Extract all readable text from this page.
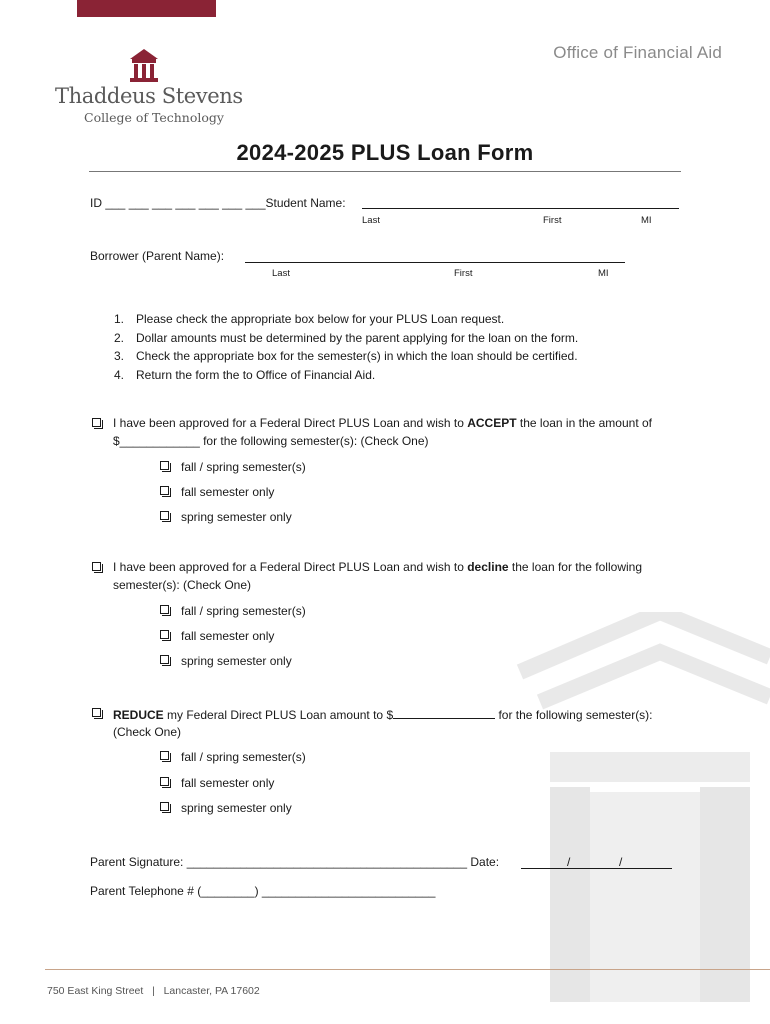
Office of Financial Aid
Thaddeus Stevens
College of Technology
2024-2025 PLUS Loan Form
ID ___ ___ ___ ___ ___ ___ ___Student Name:
Last	First	MI
Borrower (Parent Name):
Last	First	MI
1. Please check the appropriate box below for your PLUS Loan request.
2. Dollar amounts must be determined by the parent applying for the loan on the form.
3. Check the appropriate box for the semester(s) in which the loan should be certified.
4. Return the form the to Office of Financial Aid.
I have been approved for a Federal Direct PLUS Loan and wish to ACCEPT the loan in the amount of
$____________ for the following semester(s): (Check One)
fall / spring semester(s)
fall semester only
spring semester only
I have been approved for a Federal Direct PLUS Loan and wish to decline the loan for the following
semester(s): (Check One)
fall / spring semester(s)
fall semester only
spring semester only
REDUCE my Federal Direct PLUS Loan amount to $	for the following semester(s):
(Check One)
fall / spring semester(s)
fall semester only
spring semester only
Parent Signature: __________________________________________ Date:	/	/
Parent Telephone # (________) __________________________
750 East King Street | Lancaster, PA 17602
